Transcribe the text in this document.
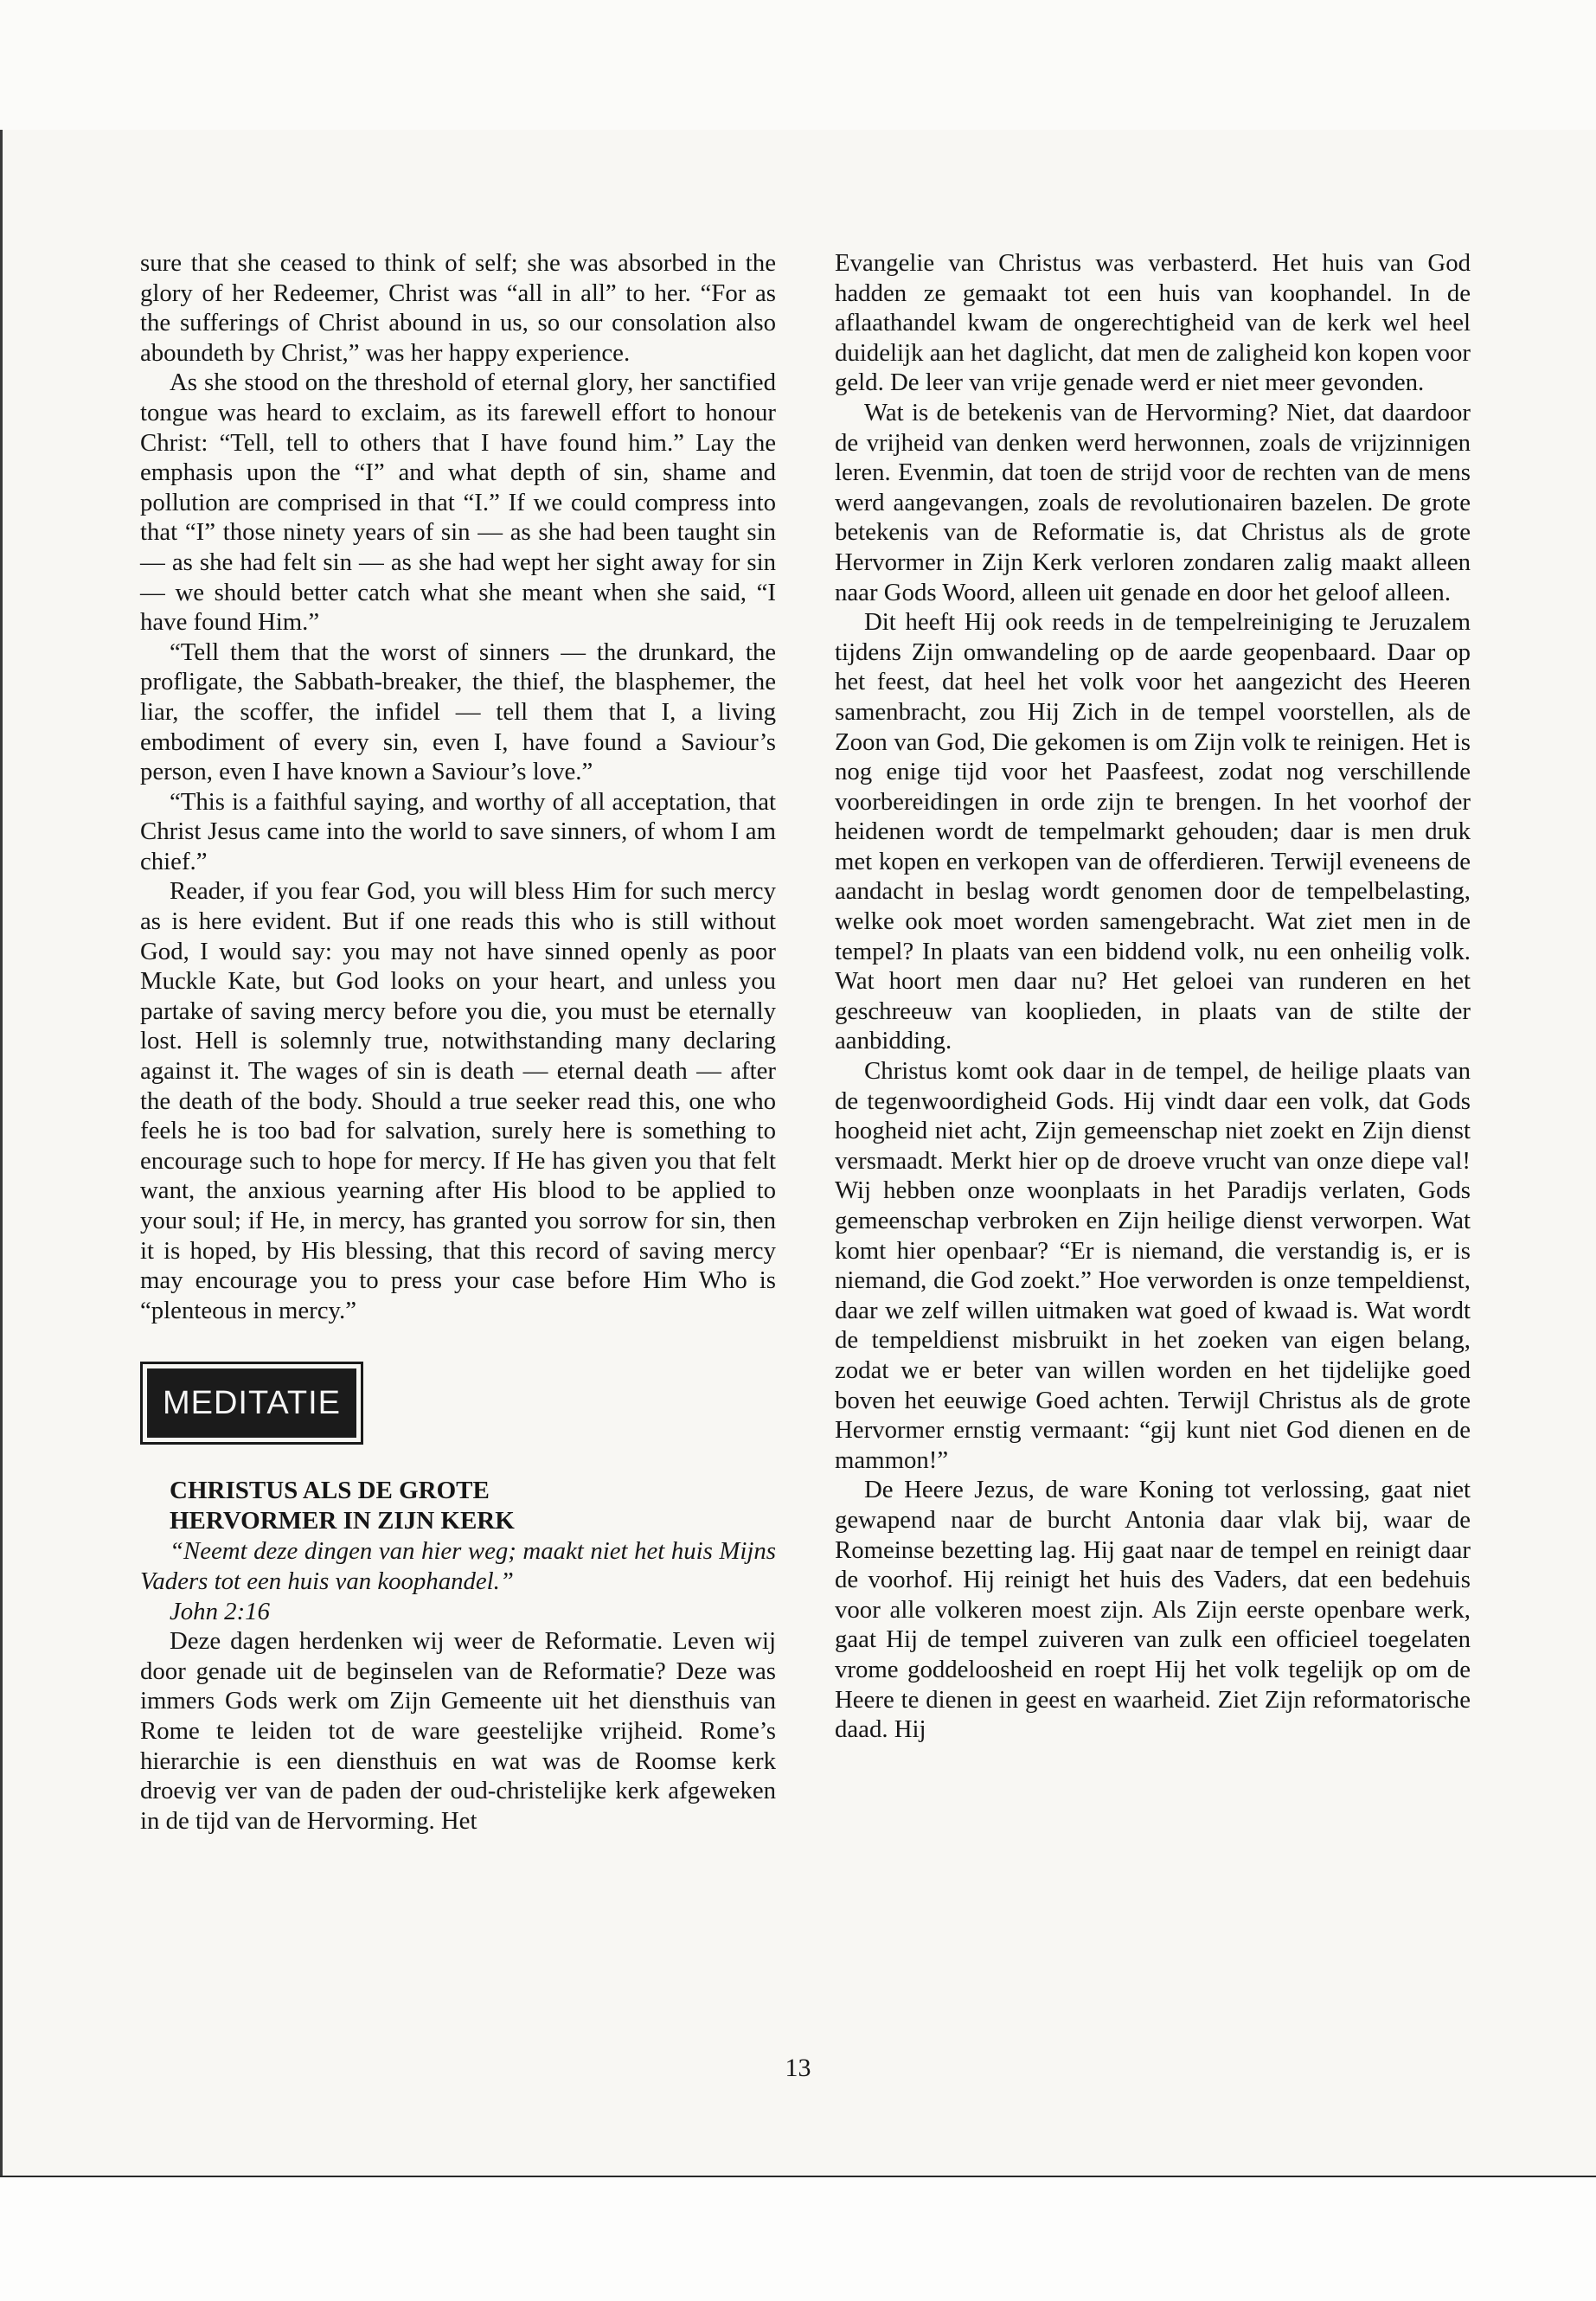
sure that she ceased to think of self; she was absorbed in the glory of her Redeemer, Christ was “all in all” to her. “For as the sufferings of Christ abound in us, so our consolation also aboundeth by Christ,” was her happy experience.

As she stood on the threshold of eternal glory, her sanctified tongue was heard to exclaim, as its farewell effort to honour Christ: “Tell, tell to others that I have found him.” Lay the emphasis upon the “I” and what depth of sin, shame and pollution are comprised in that “I.” If we could compress into that “I” those ninety years of sin — as she had been taught sin — as she had felt sin — as she had wept her sight away for sin — we should better catch what she meant when she said, “I have found Him.”

“Tell them that the worst of sinners — the drunkard, the profligate, the Sabbath-breaker, the thief, the blasphemer, the liar, the scoffer, the infidel — tell them that I, a living embodiment of every sin, even I, have found a Saviour’s person, even I have known a Saviour’s love.”

“This is a faithful saying, and worthy of all acceptation, that Christ Jesus came into the world to save sinners, of whom I am chief.”

Reader, if you fear God, you will bless Him for such mercy as is here evident. But if one reads this who is still without God, I would say: you may not have sinned openly as poor Muckle Kate, but God looks on your heart, and unless you partake of saving mercy before you die, you must be eternally lost. Hell is solemnly true, notwithstanding many declaring against it. The wages of sin is death — eternal death — after the death of the body. Should a true seeker read this, one who feels he is too bad for salvation, surely here is something to encourage such to hope for mercy. If He has given you that felt want, the anxious yearning after His blood to be applied to your soul; if He, in mercy, has granted you sorrow for sin, then it is hoped, by His blessing, that this record of saving mercy may encourage you to press your case before Him Who is “plenteous in mercy.”

MEDITATIE

CHRISTUS ALS DE GROTE

HERVORMER IN ZIJN KERK

“Neemt deze dingen van hier weg; maakt niet het huis Mijns Vaders tot een huis van koophandel.”

John 2:16

Deze dagen herdenken wij weer de Reformatie. Leven wij door genade uit de beginselen van de Reformatie? Deze was immers Gods werk om Zijn Gemeente uit het diensthuis van Rome te leiden tot de ware geestelijke vrijheid. Rome’s hierarchie is een diensthuis en wat was de Roomse kerk droevig ver van de paden der oud-christelijke kerk afgeweken in de tijd van de Hervorming. Het

Evangelie van Christus was verbasterd. Het huis van God hadden ze gemaakt tot een huis van koophandel. In de aflaathandel kwam de ongerechtigheid van de kerk wel heel duidelijk aan het daglicht, dat men de zaligheid kon kopen voor geld. De leer van vrije genade werd er niet meer gevonden.

Wat is de betekenis van de Hervorming? Niet, dat daardoor de vrijheid van denken werd herwonnen, zoals de vrijzinnigen leren. Evenmin, dat toen de strijd voor de rechten van de mens werd aangevangen, zoals de revolutionairen bazelen. De grote betekenis van de Reformatie is, dat Christus als de grote Hervormer in Zijn Kerk verloren zondaren zalig maakt alleen naar Gods Woord, alleen uit genade en door het geloof alleen.

Dit heeft Hij ook reeds in de tempelreiniging te Jeruzalem tijdens Zijn omwandeling op de aarde geopenbaard. Daar op het feest, dat heel het volk voor het aangezicht des Heeren samenbracht, zou Hij Zich in de tempel voorstellen, als de Zoon van God, Die gekomen is om Zijn volk te reinigen. Het is nog enige tijd voor het Paasfeest, zodat nog verschillende voorbereidingen in orde zijn te brengen. In het voorhof der heidenen wordt de tempelmarkt gehouden; daar is men druk met kopen en verkopen van de offerdieren. Terwijl eveneens de aandacht in beslag wordt genomen door de tempelbelasting, welke ook moet worden samengebracht. Wat ziet men in de tempel? In plaats van een biddend volk, nu een onheilig volk. Wat hoort men daar nu? Het geloei van runderen en het geschreeuw van kooplieden, in plaats van de stilte der aanbidding.

Christus komt ook daar in de tempel, de heilige plaats van de tegenwoordigheid Gods. Hij vindt daar een volk, dat Gods hoogheid niet acht, Zijn gemeenschap niet zoekt en Zijn dienst versmaadt. Merkt hier op de droeve vrucht van onze diepe val! Wij hebben onze woonplaats in het Paradijs verlaten, Gods gemeenschap verbroken en Zijn heilige dienst verworpen. Wat komt hier openbaar? “Er is niemand, die verstandig is, er is niemand, die God zoekt.” Hoe verworden is onze tempeldienst, daar we zelf willen uitmaken wat goed of kwaad is. Wat wordt de tempeldienst misbruikt in het zoeken van eigen belang, zodat we er beter van willen worden en het tijdelijke goed boven het eeuwige Goed achten. Terwijl Christus als de grote Hervormer ernstig vermaant: “gij kunt niet God dienen en de mammon!”

De Heere Jezus, de ware Koning tot verlossing, gaat niet gewapend naar de burcht Antonia daar vlak bij, waar de Romeinse bezetting lag. Hij gaat naar de tempel en reinigt daar de voorhof. Hij reinigt het huis des Vaders, dat een bedehuis voor alle volkeren moest zijn. Als Zijn eerste openbare werk, gaat Hij de tempel zuiveren van zulk een officieel toegelaten vrome goddeloosheid en roept Hij het volk tegelijk op om de Heere te dienen in geest en waarheid. Ziet Zijn reformatorische daad. Hij

13
